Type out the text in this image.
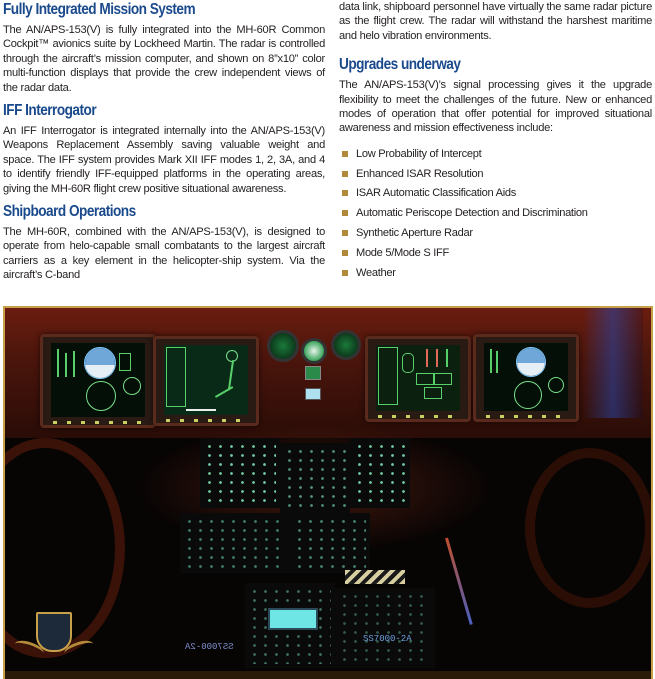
Fully Integrated Mission System

The AN/APS-153(V) is fully integrated into the MH-60R Common Cockpit™ avionics suite by Lockheed Martin. The radar is controlled through the aircraft’s mission computer, and shown on 8”x10” color multi-function displays that provide the crew independent views of the radar data.

IFF Interrogator

An IFF Interrogator is integrated internally into the AN/APS-153(V) Weapons Replacement Assembly saving valuable weight and space. The IFF system provides Mark XII IFF modes 1, 2, 3A, and 4 to identify friendly IFF-equipped platforms in the operating areas, giving the MH-60R flight crew positive situational awareness.

Shipboard Operations

The MH-60R, combined with the AN/APS-153(V), is designed to operate from helo-capable small combatants to the largest aircraft carriers as a key element in the helicopter-ship system. Via the aircraft’s C-band

data link, shipboard personnel have virtually the same radar picture as the flight crew. The radar will withstand the harshest maritime and helo vibration environments.

Upgrades underway

The AN/APS-153(V)’s signal processing gives it the upgrade flexibility to meet the challenges of the future. New or enhanced modes of operation that offer potential for improved situational awareness and mission effectiveness include:

Low Probability of Intercept
Enhanced ISAR Resolution
ISAR Automatic Classification Aids
Automatic Periscope Detection and Discrimination
Synthetic Aperture Radar
Mode 5/Mode S IFF
Weather
SS7000-2A
SS7000-2A
